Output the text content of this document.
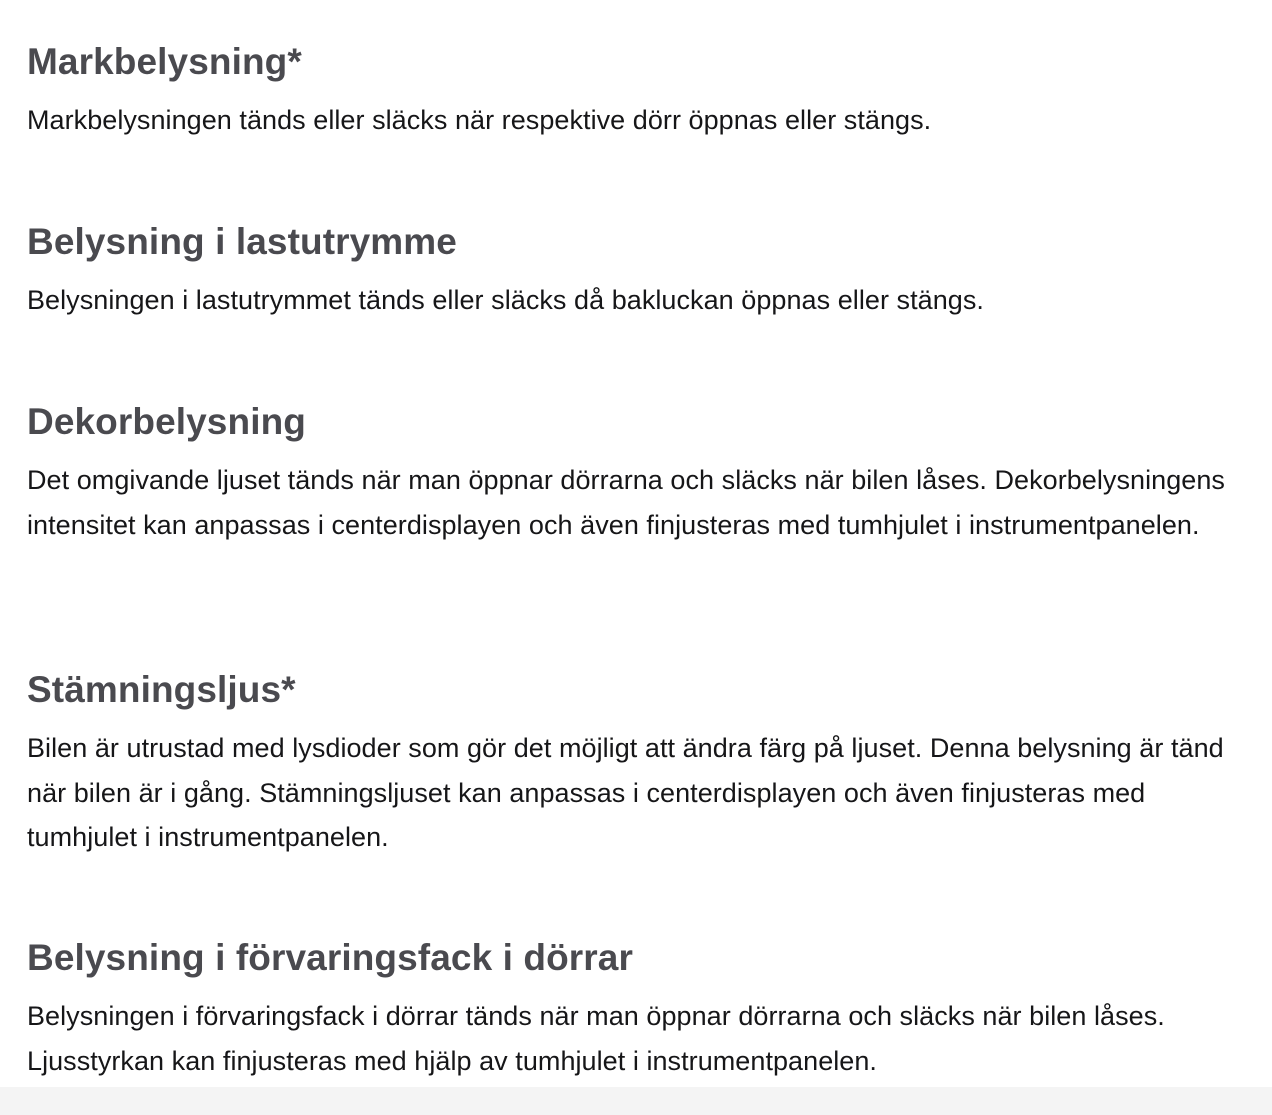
Markbelysning*

Markbelysningen tänds eller släcks när respektive dörr öppnas eller stängs.

Belysning i lastutrymme

Belysningen i lastutrymmet tänds eller släcks då bakluckan öppnas eller stängs.

Dekorbelysning

Det omgivande ljuset tänds när man öppnar dörrarna och släcks när bilen låses. Dekorbelysningens intensitet kan anpassas i centerdisplayen och även finjusteras med tumhjulet i instrumentpanelen.

Stämningsljus*

Bilen är utrustad med lysdioder som gör det möjligt att ändra färg på ljuset. Denna belysning är tänd när bilen är i gång. Stämningsljuset kan anpassas i centerdisplayen och även finjusteras med tumhjulet i instrumentpanelen.

Belysning i förvaringsfack i dörrar

Belysningen i förvaringsfack i dörrar tänds när man öppnar dörrarna och släcks när bilen låses. Ljusstyrkan kan finjusteras med hjälp av tumhjulet i instrumentpanelen.
